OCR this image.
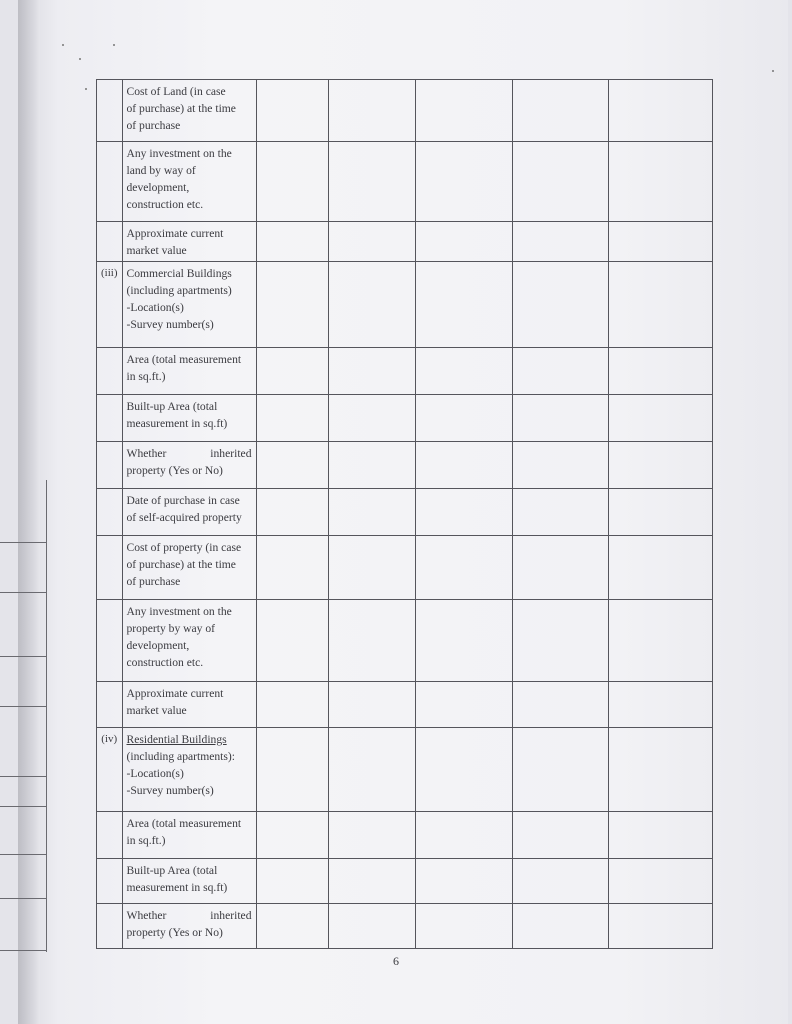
	Cost of Land (in case
of purchase) at the time
of purchase					

	Any investment on the
land by way of
development,
construction etc.					

	Approximate current
market value					

(iii)	Commercial Buildings
(including apartments)
-Location(s)
-Survey number(s)					

	Area (total measurement
in sq.ft.)					

	Built-up Area (total
measurement in sq.ft)					

	Whether inherited
property (Yes or No)					

	Date of purchase in case
of self-acquired property					

	Cost of property (in case
of purchase) at the time
of purchase					

	Any investment on the
property by way of
development,
construction etc.					

	Approximate current
market value					

(iv)	Residential Buildings
(including apartments):
-Location(s)
-Survey number(s)					

	Area (total measurement
in sq.ft.)					

	Built-up Area (total
measurement in sq.ft)					

	Whether inherited
property (Yes or No)					

6
